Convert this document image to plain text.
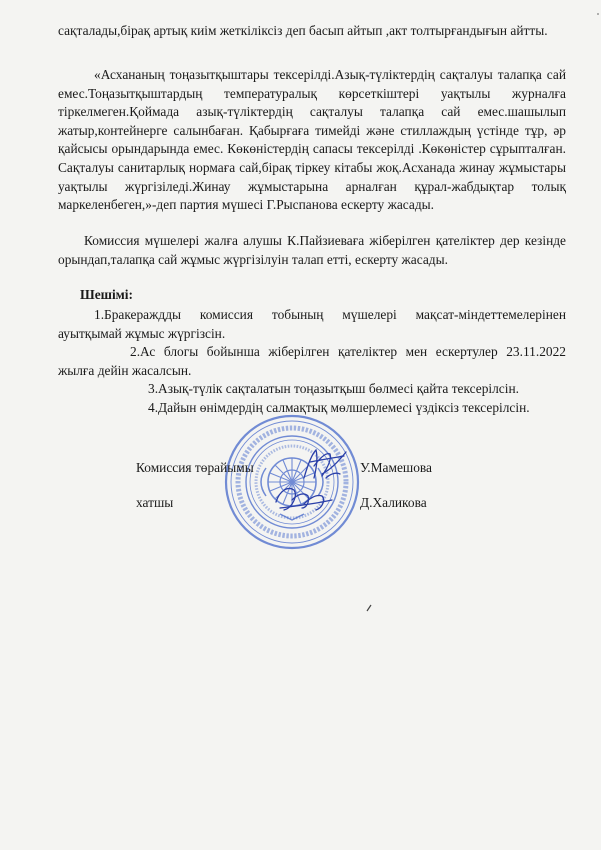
сақталады,бірақ артық киім жеткіліксіз деп басып айтып ,акт толтырғандығын айтты.

«Асхананың тоңазытқыштары тексерілді.Азық-түліктердің сақталуы талапқа сай емес.Тоңазытқыштардың температуралық көрсеткіштері уақтылы журналға тіркелмеген.Қоймада азық-түліктердің сақталуы талапқа сай емес.шашылып жатыр,контейнерге салынбаған. Қабырғаға тимейді және стиллаждың үстінде тұр, әр қайсысы орындарында емес. Көкөністердің сапасы тексерілді .Көкөністер сұрыпталған. Сақталуы санитарлық нормаға сай,бірақ тіркеу кітабы жоқ.Асханада жинау жұмыстары уақтылы жүргізіледі.Жинау жұмыстарына арналған құрал-жабдықтар толық маркеленбеген,»-деп партия мүшесі Г.Рыспанова ескерту жасады.

Комиссия мүшелері жалға алушы К.Пайзиеваға жіберілген қателіктер дер кезінде орындап,талапқа сай жұмыс жүргізілуін талап етті, ескерту жасады.

Шешімі:

1.Бракераждды комиссия тобының мүшелері мақсат-міндеттемелерінен ауытқымай жұмыс жүргізсін.

2.Ас блогы бойынша жіберілген қателіктер мен ескертулер 23.11.2022 жылға дейін жасалсын.

3.Азық-түлік сақталатын тоңазытқыш бөлмесі қайта тексерілсін.
4.Дайын өнімдердің салмақтық мөлшерлемесі үздіксіз тексерілсін.
Комиссия төрайымы	У.Мамешова
хатшы	Д.Халикова
